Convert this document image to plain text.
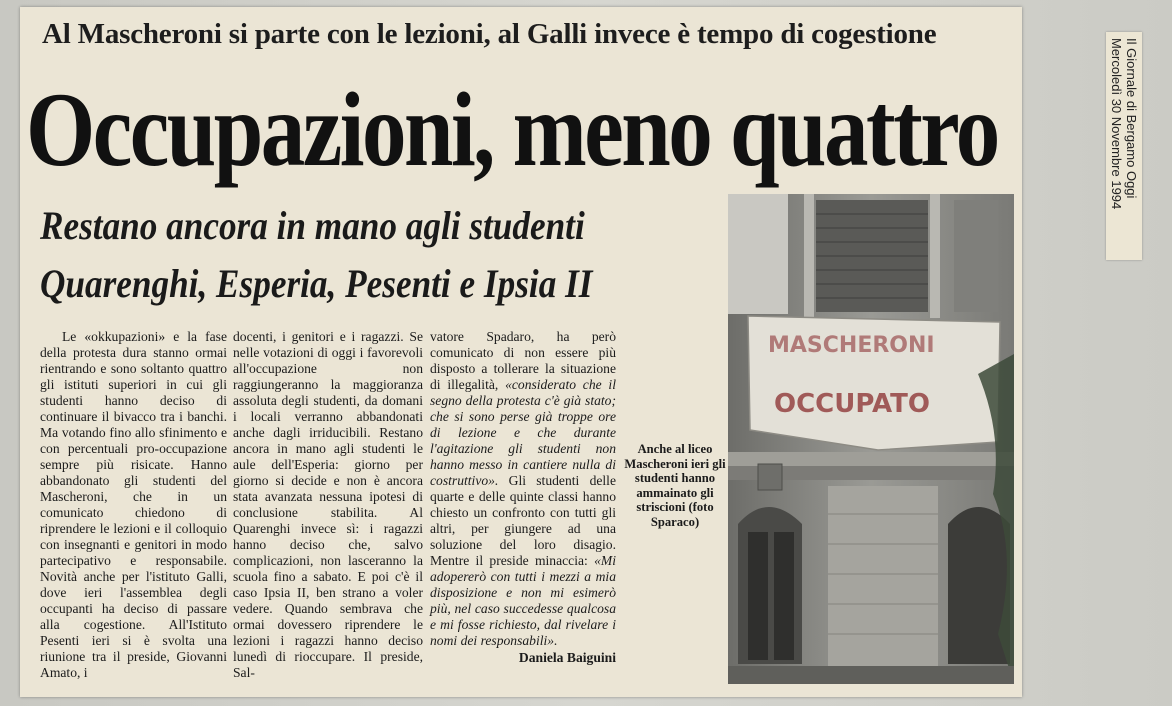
Al Mascheroni si parte con le lezioni, al Galli invece è tempo di cogestione
Occupazioni, meno quattro
Restano ancora in mano agli studenti
Quarenghi, Esperia, Pesenti e Ipsia II

Le «okkupazioni» e la fase della protesta dura stanno ormai rientrando e sono soltanto quattro gli istituti superiori in cui gli studenti hanno deciso di continuare il bivacco tra i banchi. Ma votando fino allo sfinimento e con percentuali pro-occupazione sempre più risicate. Hanno abbandonato gli studenti del Mascheroni, che in un comunicato chiedono di riprendere le lezioni e il colloquio con insegnanti e genitori in modo partecipativo e responsabile. Novità anche per l'istituto Galli, dove ieri l'assemblea degli occupanti ha deciso di passare alla cogestione. All'Istituto Pesenti ieri si è svolta una riunione tra il preside, Giovanni Amato, i

docenti, i genitori e i ragazzi. Se nelle votazioni di oggi i favorevoli all'occupazione non raggiungeranno la maggioranza assoluta degli studenti, da domani i locali verranno abbandonati anche dagli irriducibili. Restano ancora in mano agli studenti le aule dell'Esperia: giorno per giorno si decide e non è ancora stata avanzata nessuna ipotesi di conclusione stabilita. Al Quarenghi invece sì: i ragazzi hanno deciso che, salvo complicazioni, non lasceranno la scuola fino a sabato. E poi c'è il caso Ipsia II, ben strano a voler vedere. Quando sembrava che ormai dovessero riprendere le lezioni i ragazzi hanno deciso lunedì di rioccupare. Il preside, Sal-

vatore Spadaro, ha però comunicato di non essere più disposto a tollerare la situazione di illegalità, «considerato che il segno della protesta c'è già stato; che si sono perse già troppe ore di lezione e che durante l'agitazione gli studenti non hanno messo in cantiere nulla di costruttivo». Gli studenti delle quarte e delle quinte classi hanno chiesto un confronto con tutti gli altri, per giungere ad una soluzione del loro disagio. Mentre il preside minaccia: «Mi adopererò con tutti i mezzi a mia disposizione e non mi esimerò più, nel caso succedesse qualcosa e mi fosse richiesto, dal rivelare i nomi dei responsabili».

Daniela Baiguini
Anche al liceo Mascheroni ieri gli studenti hanno ammainato gli striscioni (foto Sparaco)
MASCHERONI
OCCUPATO
Il Giornale di Bergamo Oggi
Mercoledì 30 Novembre 1994
